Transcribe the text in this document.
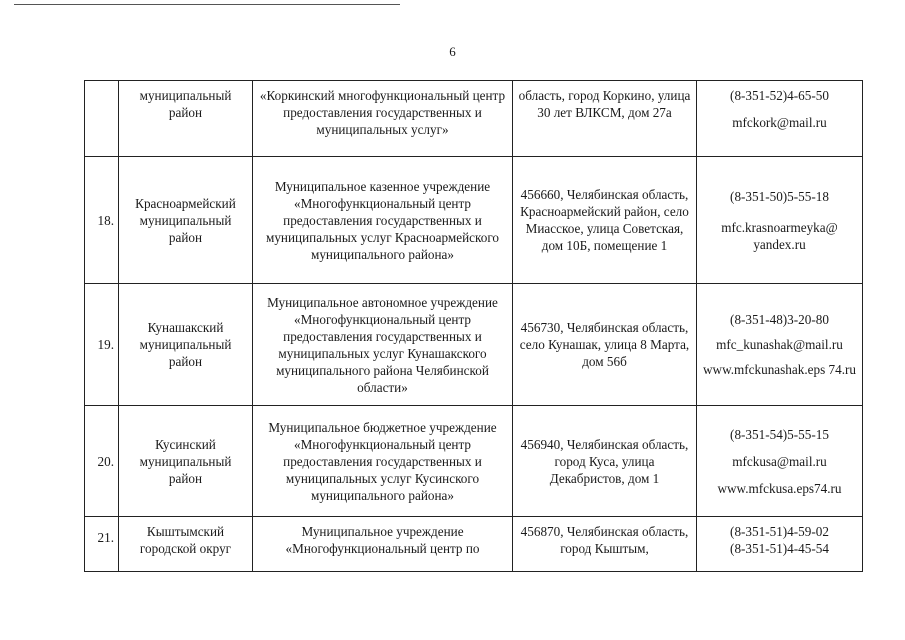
6
	муниципальный район	«Коркинский многофункциональный центр предоставления государственных и муниципальных услуг»	область, город Коркино, улица 30 лет ВЛКСМ, дом 27а	(8-351-52)4-65-50
mfckork@mail.ru

18.	Красноармейский муниципальный район	Муниципальное казенное учреждение «Многофункциональный центр предоставления государственных и муниципальных услуг Красноармейского муниципального района»	456660, Челябинская область, Красноармейский район, село Миасское, улица Советская, дом 10Б, помещение 1	(8-351-50)5-55-18
mfc.krasnoarmeyka@ yandex.ru

19.	Кунашакский муниципальный район	Муниципальное автономное учреждение «Многофункциональный центр предоставления государственных и муниципальных услуг Кунашакского муниципального района Челябинской области»	456730, Челябинская область, село Кунашак, улица 8 Марта, дом 56б	(8-351-48)3-20-80
mfc_kunashak@mail.ru
www.mfckunashak.eps 74.ru

20.	Кусинский муниципальный район	Муниципальное бюджетное учреждение «Многофункциональный центр предоставления государственных и муниципальных услуг Кусинского муниципального района»	456940, Челябинская область, город Куса, улица Декабристов, дом 1	(8-351-54)5-55-15
mfckusa@mail.ru
www.mfckusa.eps74.ru

21.	Кыштымский городской округ	Муниципальное учреждение «Многофункциональный центр по	456870, Челябинская область, город Кыштым,	(8-351-51)4-59-02
(8-351-51)4-45-54
